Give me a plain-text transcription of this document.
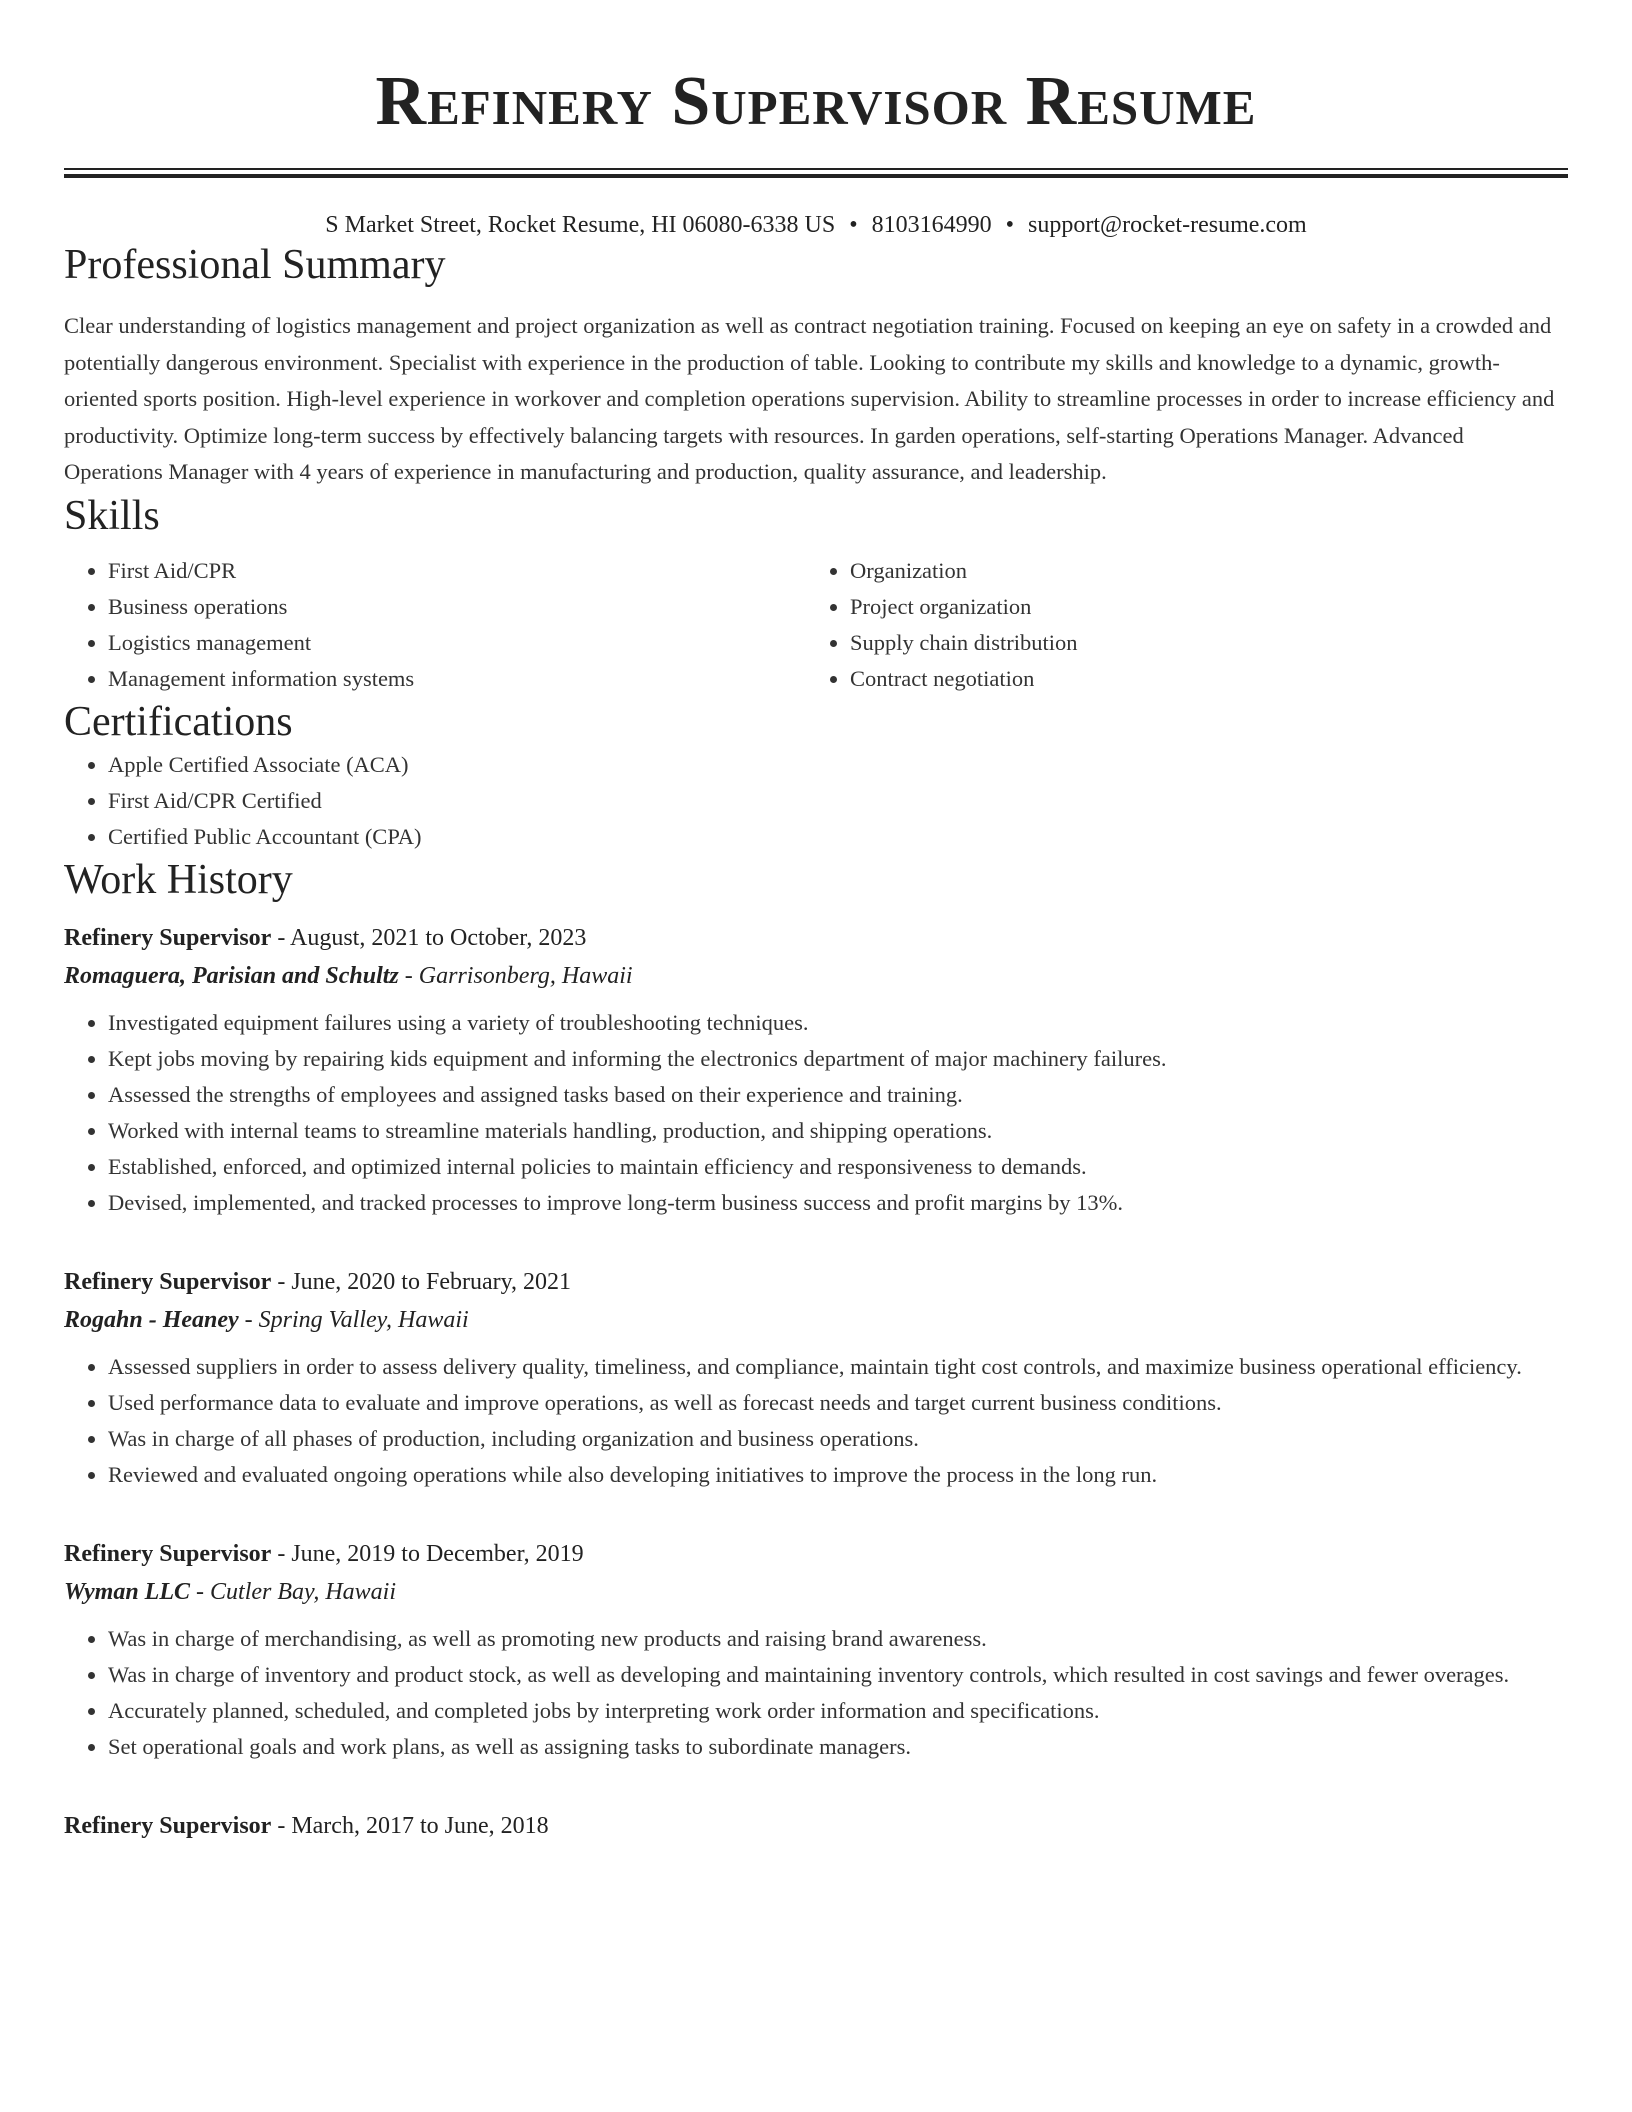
Refinery Supervisor Resume
S Market Street, Rocket Resume, HI 06080-6338 US • 8103164990 • support@rocket-resume.com
Professional Summary

Clear understanding of logistics management and project organization as well as contract negotiation training. Focused on keeping an eye on safety in a crowded and potentially dangerous environment. Specialist with experience in the production of table. Looking to contribute my skills and knowledge to a dynamic, growth-oriented sports position. High-level experience in workover and completion operations supervision. Ability to streamline processes in order to increase efficiency and productivity. Optimize long-term success by effectively balancing targets with resources. In garden operations, self-starting Operations Manager. Advanced Operations Manager with 4 years of experience in manufacturing and production, quality assurance, and leadership.

Skills
• First Aid/CPR
• Business operations
• Logistics management
• Management information systems
• Organization
• Project organization
• Supply chain distribution
• Contract negotiation
Certifications
• Apple Certified Associate (ACA)
• First Aid/CPR Certified
• Certified Public Accountant (CPA)
Work History
Refinery Supervisor - August, 2021 to October, 2023
Romaguera, Parisian and Schultz - Garrisonberg, Hawaii
• Investigated equipment failures using a variety of troubleshooting techniques.
• Kept jobs moving by repairing kids equipment and informing the electronics department of major machinery failures.
• Assessed the strengths of employees and assigned tasks based on their experience and training.
• Worked with internal teams to streamline materials handling, production, and shipping operations.
• Established, enforced, and optimized internal policies to maintain efficiency and responsiveness to demands.
• Devised, implemented, and tracked processes to improve long-term business success and profit margins by 13%.
Refinery Supervisor - June, 2020 to February, 2021
Rogahn - Heaney - Spring Valley, Hawaii
• Assessed suppliers in order to assess delivery quality, timeliness, and compliance, maintain tight cost controls, and maximize business operational efficiency.
• Used performance data to evaluate and improve operations, as well as forecast needs and target current business conditions.
• Was in charge of all phases of production, including organization and business operations.
• Reviewed and evaluated ongoing operations while also developing initiatives to improve the process in the long run.
Refinery Supervisor - June, 2019 to December, 2019
Wyman LLC - Cutler Bay, Hawaii
• Was in charge of merchandising, as well as promoting new products and raising brand awareness.
• Was in charge of inventory and product stock, as well as developing and maintaining inventory controls, which resulted in cost savings and fewer overages.
• Accurately planned, scheduled, and completed jobs by interpreting work order information and specifications.
• Set operational goals and work plans, as well as assigning tasks to subordinate managers.
Refinery Supervisor - March, 2017 to June, 2018
